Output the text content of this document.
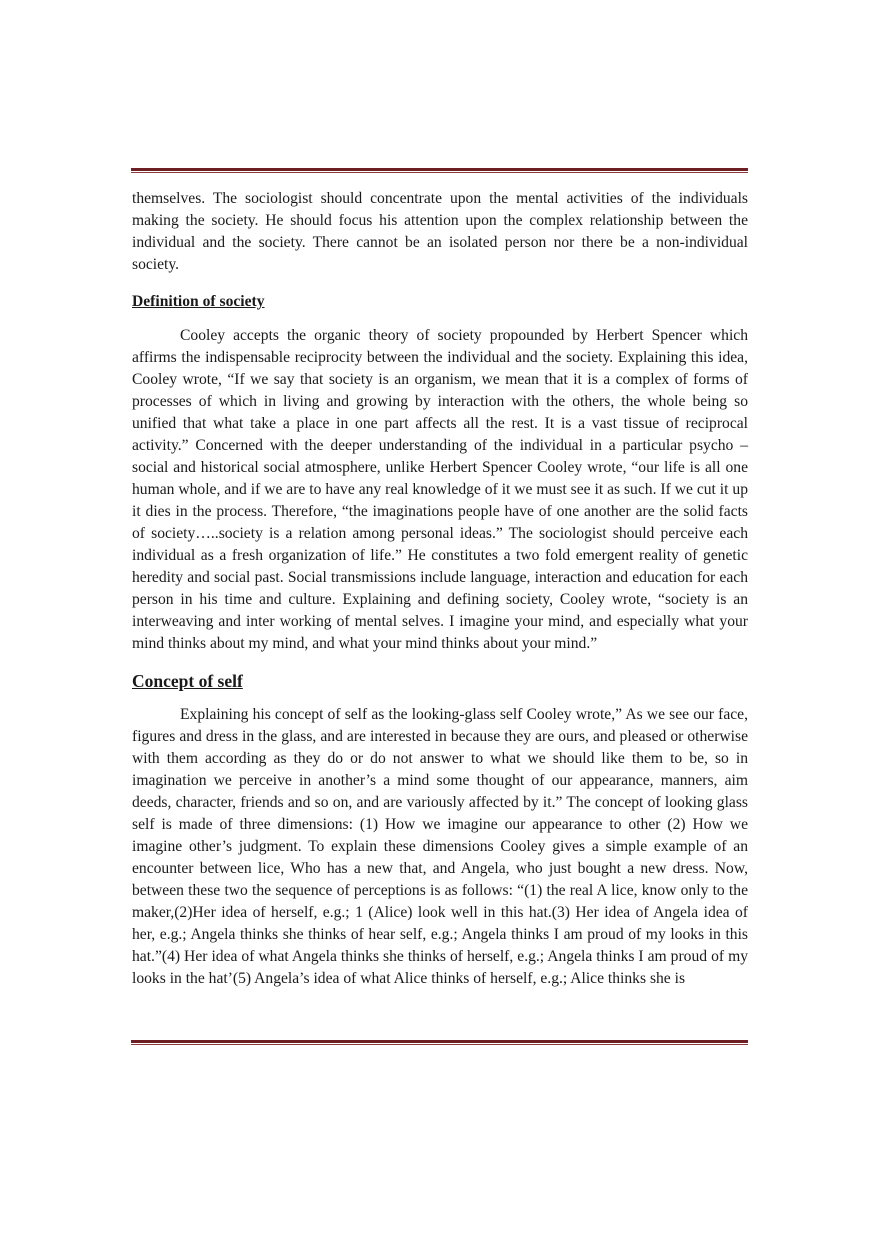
themselves. The sociologist should concentrate upon the mental activities of the individuals making the society. He should focus his attention upon the complex relationship between the individual and the society. There cannot be an isolated person nor there be a non-individual society.

Definition of society

Cooley accepts the organic theory of society propounded by Herbert Spencer which affirms the indispensable reciprocity between the individual and the society. Explaining this idea, Cooley wrote, “If we say that society is an organism, we mean that it is a complex of forms of processes of which in living and growing by interaction with the others, the whole being so unified that what take a place in one part affects all the rest. It is a vast tissue of reciprocal activity.” Concerned with the deeper understanding of the individual in a particular psycho – social and historical social atmosphere, unlike Herbert Spencer Cooley wrote, “our life is all one human whole, and if we are to have any real knowledge of it we must see it as such. If we cut it up it dies in the process. Therefore, “the imaginations people have of one another are the solid facts of society…..society is a relation among personal ideas.” The sociologist should perceive each individual as a fresh organization of life.” He constitutes a two fold emergent reality of genetic heredity and social past. Social transmissions include language, interaction and education for each person in his time and culture. Explaining and defining society, Cooley wrote, “society is an interweaving and inter working of mental selves. I imagine your mind, and especially what your mind thinks about my mind, and what your mind thinks about your mind.”

Concept of self

Explaining his concept of self as the looking-glass self Cooley wrote,” As we see our face, figures and dress in the glass, and are interested in because they are ours, and pleased or otherwise with them according as they do or do not answer to what we should like them to be, so in imagination we perceive in another’s a mind some thought of our appearance, manners, aim deeds, character, friends and so on, and are variously affected by it.” The concept of looking glass self is made of three dimensions: (1) How we imagine our appearance to other (2) How we imagine other’s judgment. To explain these dimensions Cooley gives a simple example of an encounter between lice, Who has a new that, and Angela, who just bought a new dress. Now, between these two the sequence of perceptions is as follows: “(1) the real A lice, know only to the maker,(2)Her idea of herself, e.g.; 1 (Alice) look well in this hat.(3) Her idea of Angela idea of her, e.g.; Angela thinks she thinks of hear self, e.g.; Angela thinks I am proud of my looks in this hat.”(4) Her idea of what Angela thinks she thinks of herself, e.g.; Angela thinks I am proud of my looks in the hat’(5) Angela’s idea of what Alice thinks of herself, e.g.; Alice thinks she is
